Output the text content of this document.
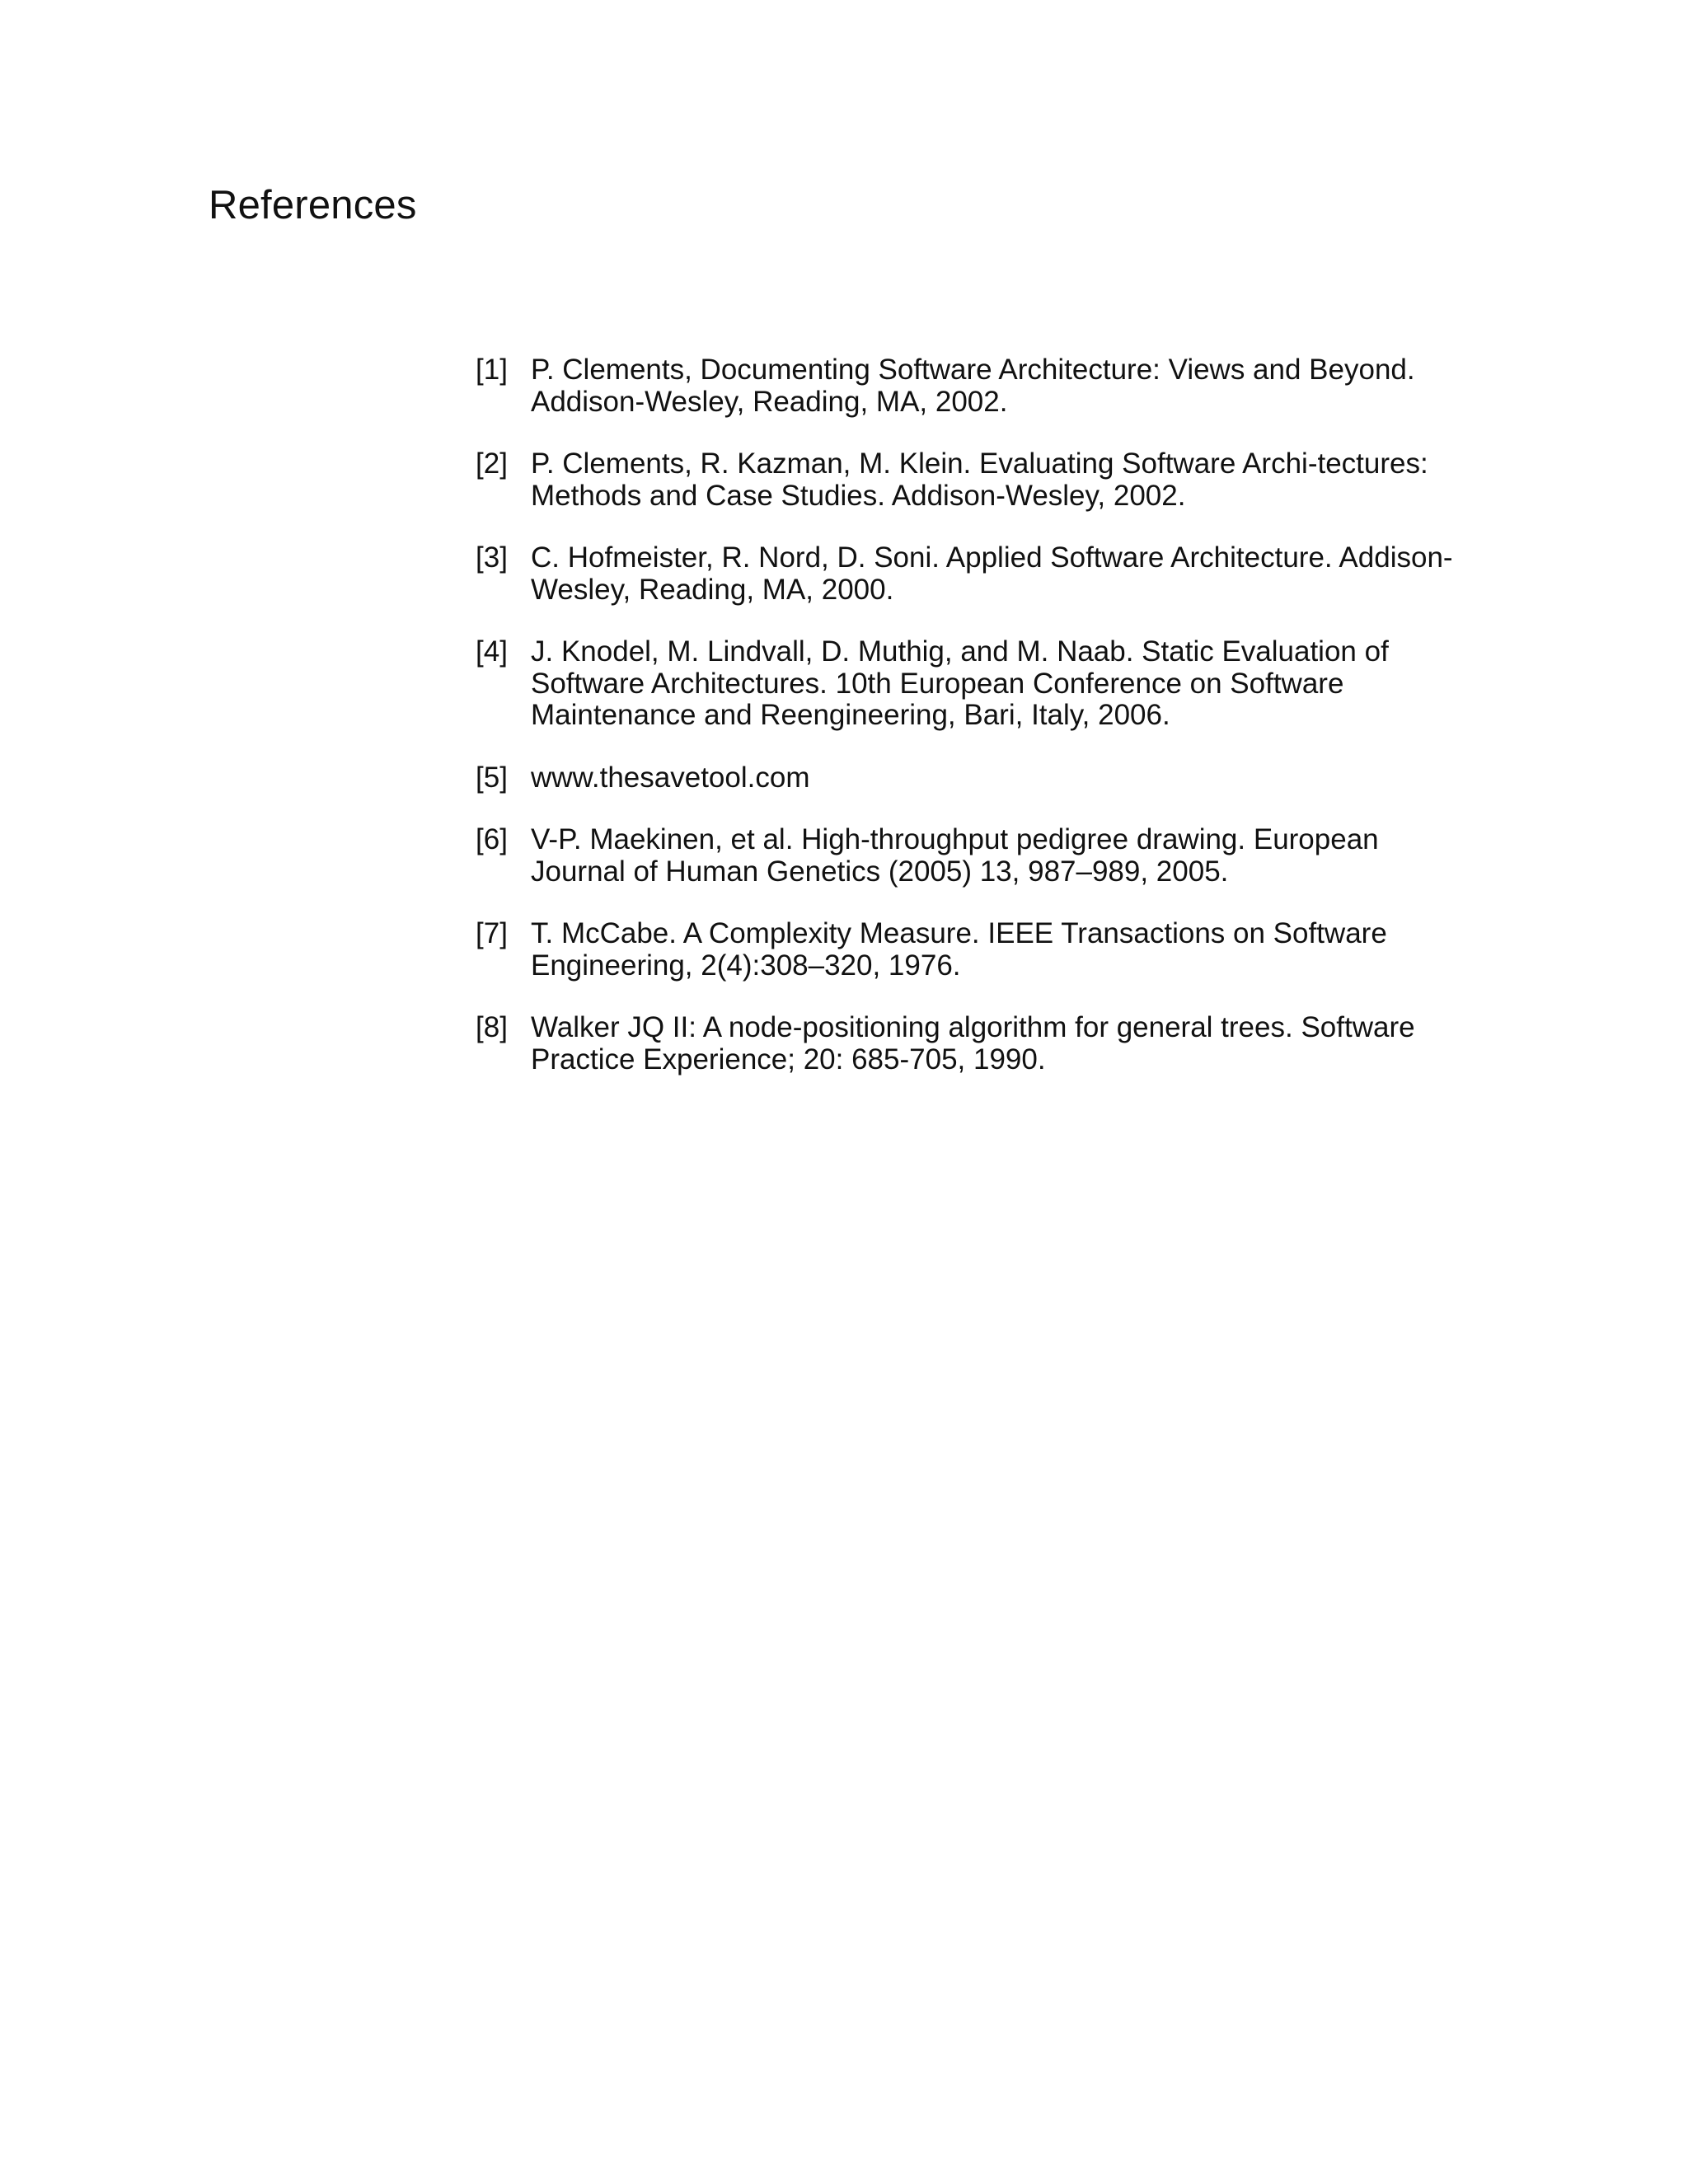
References
[1] P. Clements, Documenting Software Architecture: Views and Beyond.
Addison-Wesley, Reading, MA, 2002.
[2] P. Clements, R. Kazman, M. Klein. Evaluating Software Archi-tectures:
Methods and Case Studies. Addison-Wesley, 2002.
[3] C. Hofmeister, R. Nord, D. Soni. Applied Software Architecture. Addison-
Wesley, Reading, MA, 2000.
[4] J. Knodel, M. Lindvall, D. Muthig, and M. Naab. Static Evaluation of
Software Architectures. 10th European Conference on Software
Maintenance and Reengineering, Bari, Italy, 2006.
[5] www.thesavetool.com
[6] V-P. Maekinen, et al. High-throughput pedigree drawing. European
Journal of Human Genetics (2005) 13, 987–989, 2005.
[7] T. McCabe. A Complexity Measure. IEEE Transactions on Software
Engineering, 2(4):308–320, 1976.
[8] Walker JQ II: A node-positioning algorithm for general trees. Software
Practice Experience; 20: 685-705, 1990.
